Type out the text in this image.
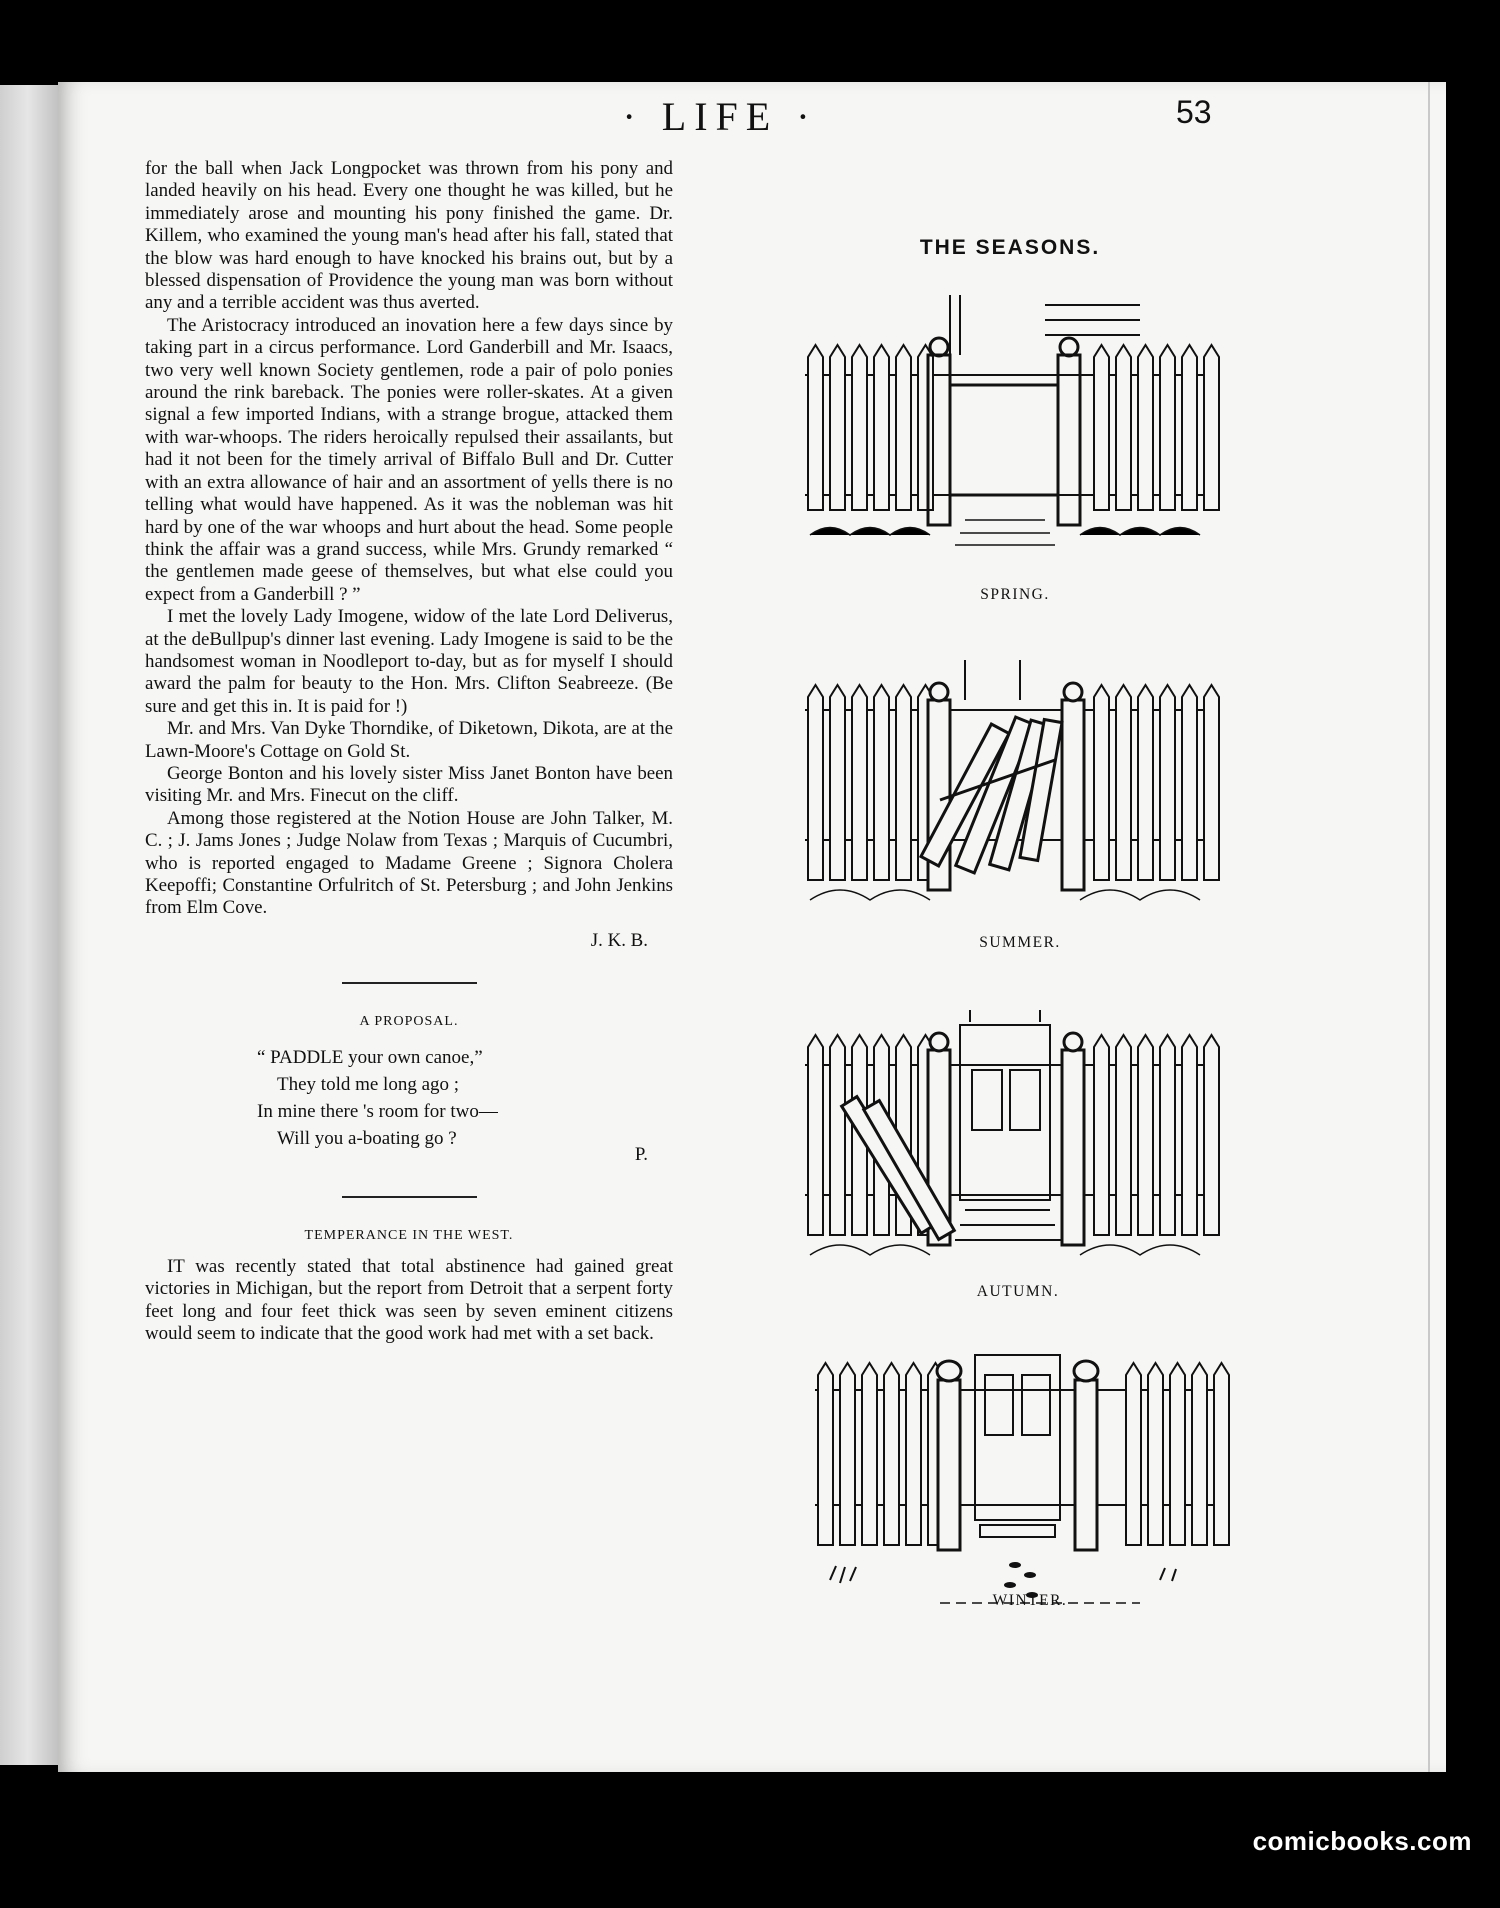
· LIFE ·	53

for the ball when Jack Longpocket was thrown from his pony and landed heavily on his head. Every one thought he was killed, but he immediately arose and mounting his pony finished the game. Dr. Killem, who examined the young man's head after his fall, stated that the blow was hard enough to have knocked his brains out, but by a blessed dispensation of Providence the young man was born without any and a terrible accident was thus averted.

The Aristocracy introduced an inovation here a few days since by taking part in a circus performance. Lord Ganderbill and Mr. Isaacs, two very well known Society gentlemen, rode a pair of polo ponies around the rink bareback. The ponies were roller-skates. At a given signal a few imported Indians, with a strange brogue, attacked them with war-whoops. The riders heroically repulsed their assailants, but had it not been for the timely arrival of Biffalo Bull and Dr. Cutter with an extra allowance of hair and an assortment of yells there is no telling what would have happened. As it was the nobleman was hit hard by one of the war whoops and hurt about the head. Some people think the affair was a grand success, while Mrs. Grundy remarked “ the gentlemen made geese of themselves, but what else could you expect from a Ganderbill ? ”

I met the lovely Lady Imogene, widow of the late Lord Deliverus, at the deBullpup's dinner last evening. Lady Imogene is said to be the handsomest woman in Noodleport to-day, but as for myself I should award the palm for beauty to the Hon. Mrs. Clifton Seabreeze. (Be sure and get this in. It is paid for !)

Mr. and Mrs. Van Dyke Thorndike, of Diketown, Dikota, are at the Lawn-Moore's Cottage on Gold St.

George Bonton and his lovely sister Miss Janet Bonton have been visiting Mr. and Mrs. Finecut on the cliff.

Among those registered at the Notion House are John Talker, M. C. ; J. Jams Jones ; Judge Nolaw from Texas ; Marquis of Cucumbri, who is reported engaged to Madame Greene ; Signora Cholera Keepoffi; Constantine Orfulritch of St. Petersburg ; and John Jenkins from Elm Cove.

J. K. B.
A PROPOSAL.
“ PADDLE your own canoe,”
They told me long ago ;
In mine there 's room for two—
Will you a-boating go ?
P.
TEMPERANCE IN THE WEST.

IT was recently stated that total abstinence had gained great victories in Michigan, but the report from Detroit that a serpent forty feet long and four feet thick was seen by seven eminent citizens would seem to indicate that the good work had met with a set back.

THE SEASONS.
SPRING.
SUMMER.
AUTUMN.
WINTER.
comicbooks.com
